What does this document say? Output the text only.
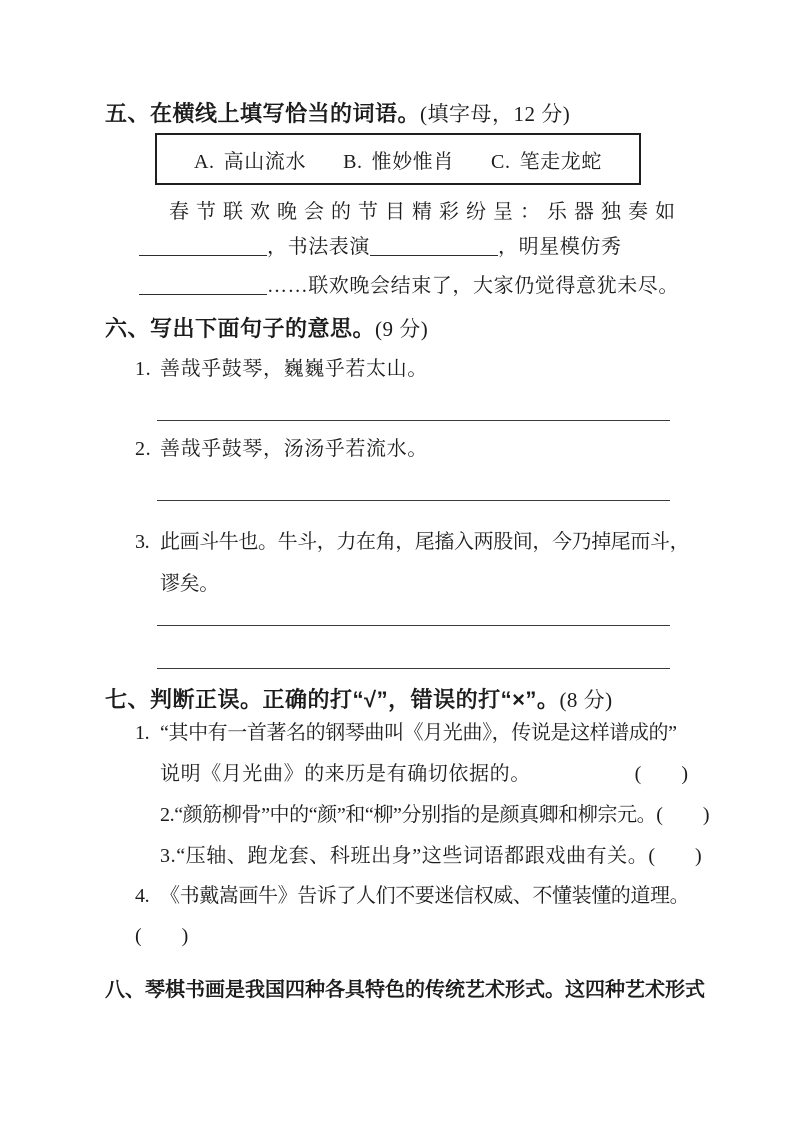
五、在横线上填写恰当的词语。(填字母，12 分)
A. 高山流水 B. 惟妙惟肖 C. 笔走龙蛇
春节联欢晚会的节目精彩纷呈：乐器独奏如
，书法表演	，明星模仿秀
……联欢晚会结束了，大家仍觉得意犹未尽。
六、写出下面句子的意思。(9 分)
1. 善哉乎鼓琴，巍巍乎若太山。
2. 善哉乎鼓琴，汤汤乎若流水。
3. 此画斗牛也。牛斗，力在角，尾搐入两股间，今乃掉尾而斗，
谬矣。
七、判断正误。正确的打“√”，错误的打“×”。(8 分)
1. “其中有一首著名的钢琴曲叫《月光曲》，传说是这样谱成的”
说明《月光曲》的来历是有确切依据的。	(        )
2.“颜筋柳骨”中的“颜”和“柳”分别指的是颜真卿和柳宗元。 (        )
3.“压轴、跑龙套、科班出身”这些词语都跟戏曲有关。 (        )
4. 《书戴嵩画牛》告诉了人们不要迷信权威、不懂装懂的道理。
(        )
八、琴棋书画是我国四种各具特色的传统艺术形式。这四种艺术形式
